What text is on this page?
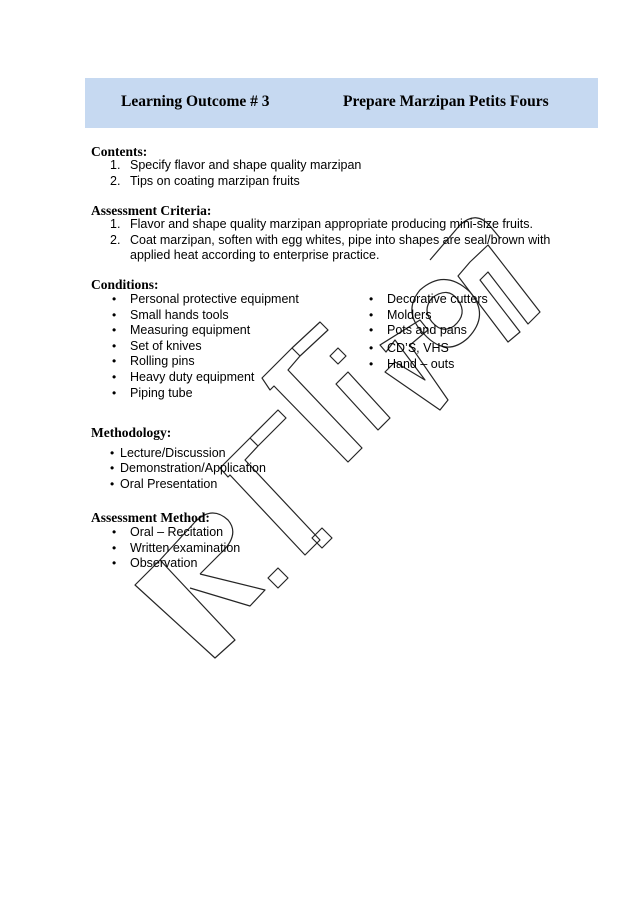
Learning Outcome # 3	Prepare Marzipan Petits Fours
Contents:
1. Specify flavor and shape quality marzipan
2. Tips on coating marzipan fruits
Assessment Criteria:
1. Flavor and shape quality marzipan appropriate producing mini-size fruits.
2. Coat marzipan, soften with egg whites, pipe into shapes are seal/brown with
applied heat according to enterprise practice.
Conditions:
• Personal protective equipment
• Small hands tools
• Measuring equipment
• Set of knives
• Rolling pins
• Heavy duty equipment
• Piping tube
• Decorative cutters
• Molders
• Pots and pans
• CD’S, VHS
• Hand – outs
Methodology:
• Lecture/Discussion
• Demonstration/Application
• Oral Presentation
Assessment Method:
• Oral – Recitation
• Written examination
• Observation
